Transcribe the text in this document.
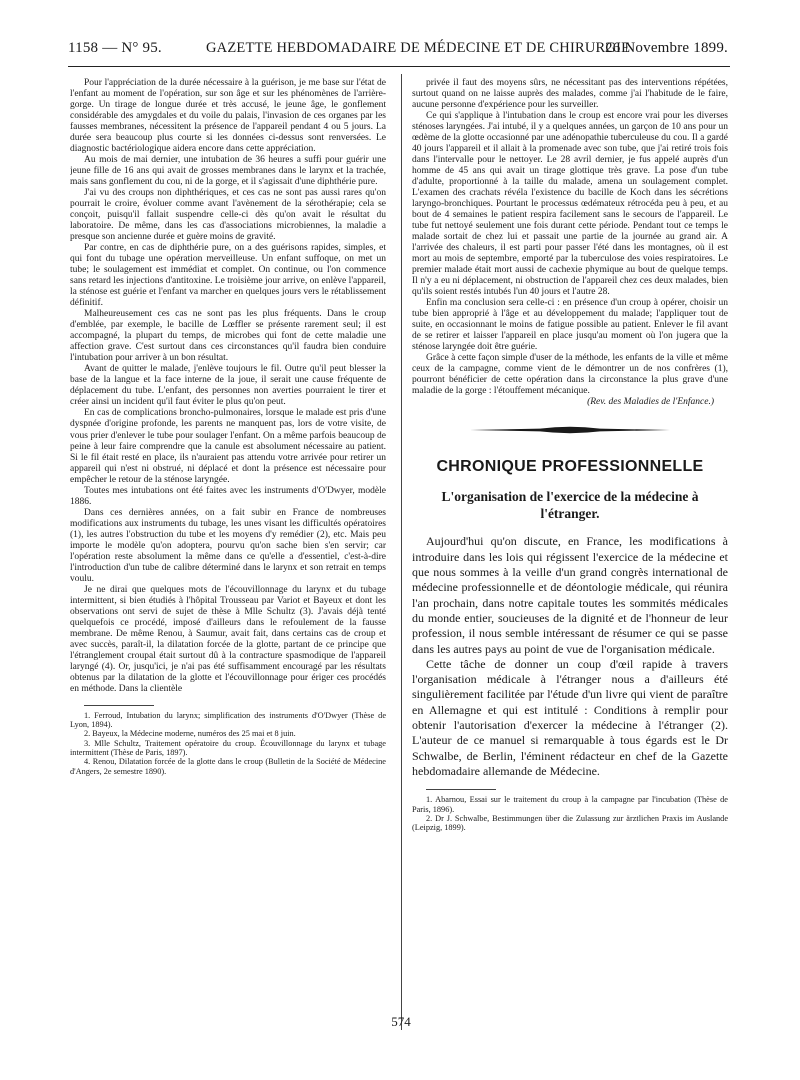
1158 — N° 95.	GAZETTE HEBDOMADAIRE DE MÉDECINE ET DE CHIRURGIE
26 Novembre 1899.

Pour l'appréciation de la durée nécessaire à la guérison, je me base sur l'état de l'enfant au moment de l'opération, sur son âge et sur les phénomènes de l'arrière-gorge. Un tirage de longue durée et très accusé, le jeune âge, le gonflement considérable des amygdales et du voile du palais, l'invasion de ces organes par les fausses membranes, nécessitent la présence de l'appareil pendant 4 ou 5 jours. La durée sera beaucoup plus courte si les données ci-dessus sont renversées. Le diagnostic bactériologique aidera encore dans cette appréciation.

Au mois de mai dernier, une intubation de 36 heures a suffi pour guérir une jeune fille de 16 ans qui avait de grosses membranes dans le larynx et la trachée, mais sans gonflement du cou, ni de la gorge, et il s'agissait d'une diphthérie pure.

J'ai vu des croups non diphthériques, et ces cas ne sont pas aussi rares qu'on pourrait le croire, évoluer comme avant l'avènement de la sérothérapie; cela se conçoit, puisqu'il fallait suspendre celle-ci dès qu'on avait le résultat du laboratoire. De même, dans les cas d'associations microbiennes, la maladie a presque son ancienne durée et guère moins de gravité.

Par contre, en cas de diphthérie pure, on a des guérisons rapides, simples, et qui font du tubage une opération merveilleuse. Un enfant suffoque, on met un tube; le soulagement est immédiat et complet. On continue, ou l'on commence sans retard les injections d'antitoxine. Le troisième jour arrive, on enlève l'appareil, la sténose est guérie et l'enfant va marcher en quelques jours vers le rétablissement définitif.

Malheureusement ces cas ne sont pas les plus fréquents. Dans le croup d'emblée, par exemple, le bacille de Lœffler se présente rarement seul; il est accompagné, la plupart du temps, de microbes qui font de cette maladie une affection grave. C'est surtout dans ces circonstances qu'il faudra bien conduire l'intubation pour arriver à un bon résultat.

Avant de quitter le malade, j'enlève toujours le fil. Outre qu'il peut blesser la base de la langue et la face interne de la joue, il serait une cause fréquente de déplacement du tube. L'enfant, des personnes non averties pourraient le tirer et créer ainsi un incident qu'il faut éviter le plus qu'on peut.

En cas de complications broncho-pulmonaires, lorsque le malade est pris d'une dyspnée d'origine profonde, les parents ne manquent pas, lors de votre visite, de vous prier d'enlever le tube pour soulager l'enfant. On a même parfois beaucoup de peine à leur faire comprendre que la canule est absolument nécessaire au patient. Si le fil était resté en place, ils n'auraient pas attendu votre arrivée pour retirer un appareil qui n'est ni obstrué, ni déplacé et dont la présence est nécessaire pour empêcher le retour de la sténose laryngée.

Toutes mes intubations ont été faites avec les instruments d'O'Dwyer, modèle 1886.

Dans ces dernières années, on a fait subir en France de nombreuses modifications aux instruments du tubage, les unes visant les difficultés opératoires (1), les autres l'obstruction du tube et les moyens d'y remédier (2), etc. Mais peu importe le modèle qu'on adoptera, pourvu qu'on sache bien s'en servir; car l'opération reste absolument la même dans ce qu'elle a d'essentiel, c'est-à-dire l'introduction d'un tube de calibre déterminé dans le larynx et son retrait en temps voulu.

Je ne dirai que quelques mots de l'écouvillonnage du larynx et du tubage intermittent, si bien étudiés à l'hôpital Trousseau par Variot et Bayeux et dont les observations ont servi de sujet de thèse à Mlle Schultz (3). J'avais déjà tenté quelquefois ce procédé, imposé d'ailleurs dans le refoulement de la fausse membrane. De même Renou, à Saumur, avait fait, dans certains cas de croup et avec succès, paraît-il, la dilatation forcée de la glotte, partant de ce principe que l'étranglement croupal était surtout dû à la contracture spasmodique de l'appareil laryngé (4). Or, jusqu'ici, je n'ai pas été suffisamment encouragé par les résultats obtenus par la dilatation de la glotte et l'écouvillonnage pour ériger ces procédés en méthode. Dans la clientèle

1. Ferroud, Intubation du larynx; simplification des instruments d'O'Dwyer (Thèse de Lyon, 1894).

2. Bayeux, la Médecine moderne, numéros des 25 mai et 8 juin.

3. Mlle Schultz, Traitement opératoire du croup. Écouvillonnage du larynx et tubage intermittent (Thèse de Paris, 1897).

4. Renou, Dilatation forcée de la glotte dans le croup (Bulletin de la Société de Médecine d'Angers, 2e semestre 1890).

privée il faut des moyens sûrs, ne nécessitant pas des interventions répétées, surtout quand on ne laisse auprès des malades, comme j'ai l'habitude de le faire, aucune personne d'expérience pour les surveiller.

Ce qui s'applique à l'intubation dans le croup est encore vrai pour les diverses sténoses laryngées. J'ai intubé, il y a quelques années, un garçon de 10 ans pour un œdème de la glotte occasionné par une adénopathie tuberculeuse du cou. Il a gardé 40 jours l'appareil et il allait à la promenade avec son tube, que j'ai retiré trois fois dans l'intervalle pour le nettoyer. Le 28 avril dernier, je fus appelé auprès d'un homme de 45 ans qui avait un tirage glottique très grave. La pose d'un tube d'adulte, proportionné à la taille du malade, amena un soulagement complet. L'examen des crachats révéla l'existence du bacille de Koch dans les sécrétions laryngo-bronchiques. Pourtant le processus œdémateux rétrocéda peu à peu, et au bout de 4 semaines le patient respira facilement sans le secours de l'appareil. Le tube fut nettoyé seulement une fois durant cette période. Pendant tout ce temps le malade sortait de chez lui et passait une partie de la journée au grand air. A l'arrivée des chaleurs, il est parti pour passer l'été dans les montagnes, où il est mort au mois de septembre, emporté par la tuberculose des voies respiratoires. Le premier malade était mort aussi de cachexie phymique au bout de quelque temps. Il n'y a eu ni déplacement, ni obstruction de l'appareil chez ces deux malades, bien qu'ils soient restés intubés l'un 40 jours et l'autre 28.

Enfin ma conclusion sera celle-ci : en présence d'un croup à opérer, choisir un tube bien approprié à l'âge et au développement du malade; l'appliquer tout de suite, en occasionnant le moins de fatigue possible au patient. Enlever le fil avant de se retirer et laisser l'appareil en place jusqu'au moment où l'on jugera que la sténose laryngée doit être guérie.

Grâce à cette façon simple d'user de la méthode, les enfants de la ville et même ceux de la campagne, comme vient de le démontrer un de nos confrères (1), pourront bénéficier de cette opération dans la circonstance la plus grave d'une maladie de la gorge : l'étouffement mécanique.

(Rev. des Maladies de l'Enfance.)

CHRONIQUE PROFESSIONNELLE
L'organisation de l'exercice de la médecine à l'étranger.

Aujourd'hui qu'on discute, en France, les modifications à introduire dans les lois qui régissent l'exercice de la médecine et que nous sommes à la veille d'un grand congrès international de médecine professionnelle et de déontologie médicale, qui réunira l'an prochain, dans notre capitale toutes les sommités médicales du monde entier, soucieuses de la dignité et de l'honneur de leur profession, il nous semble intéressant de résumer ce qui se passe dans les autres pays au point de vue de l'organisation médicale.

Cette tâche de donner un coup d'œil rapide à travers l'organisation médicale à l'étranger nous a d'ailleurs été singulièrement facilitée par l'étude d'un livre qui vient de paraître en Allemagne et qui est intitulé : Conditions à remplir pour obtenir l'autorisation d'exercer la médecine à l'étranger (2). L'auteur de ce manuel si remarquable à tous égards est le Dr Schwalbe, de Berlin, l'éminent rédacteur en chef de la Gazette hebdomadaire allemande de Médecine.

1. Abarnou, Essai sur le traitement du croup à la campagne par l'incubation (Thèse de Paris, 1896).

2. Dr J. Schwalbe, Bestimmungen über die Zulassung zur ärztlichen Praxis im Auslande (Leipzig, 1899).

574
